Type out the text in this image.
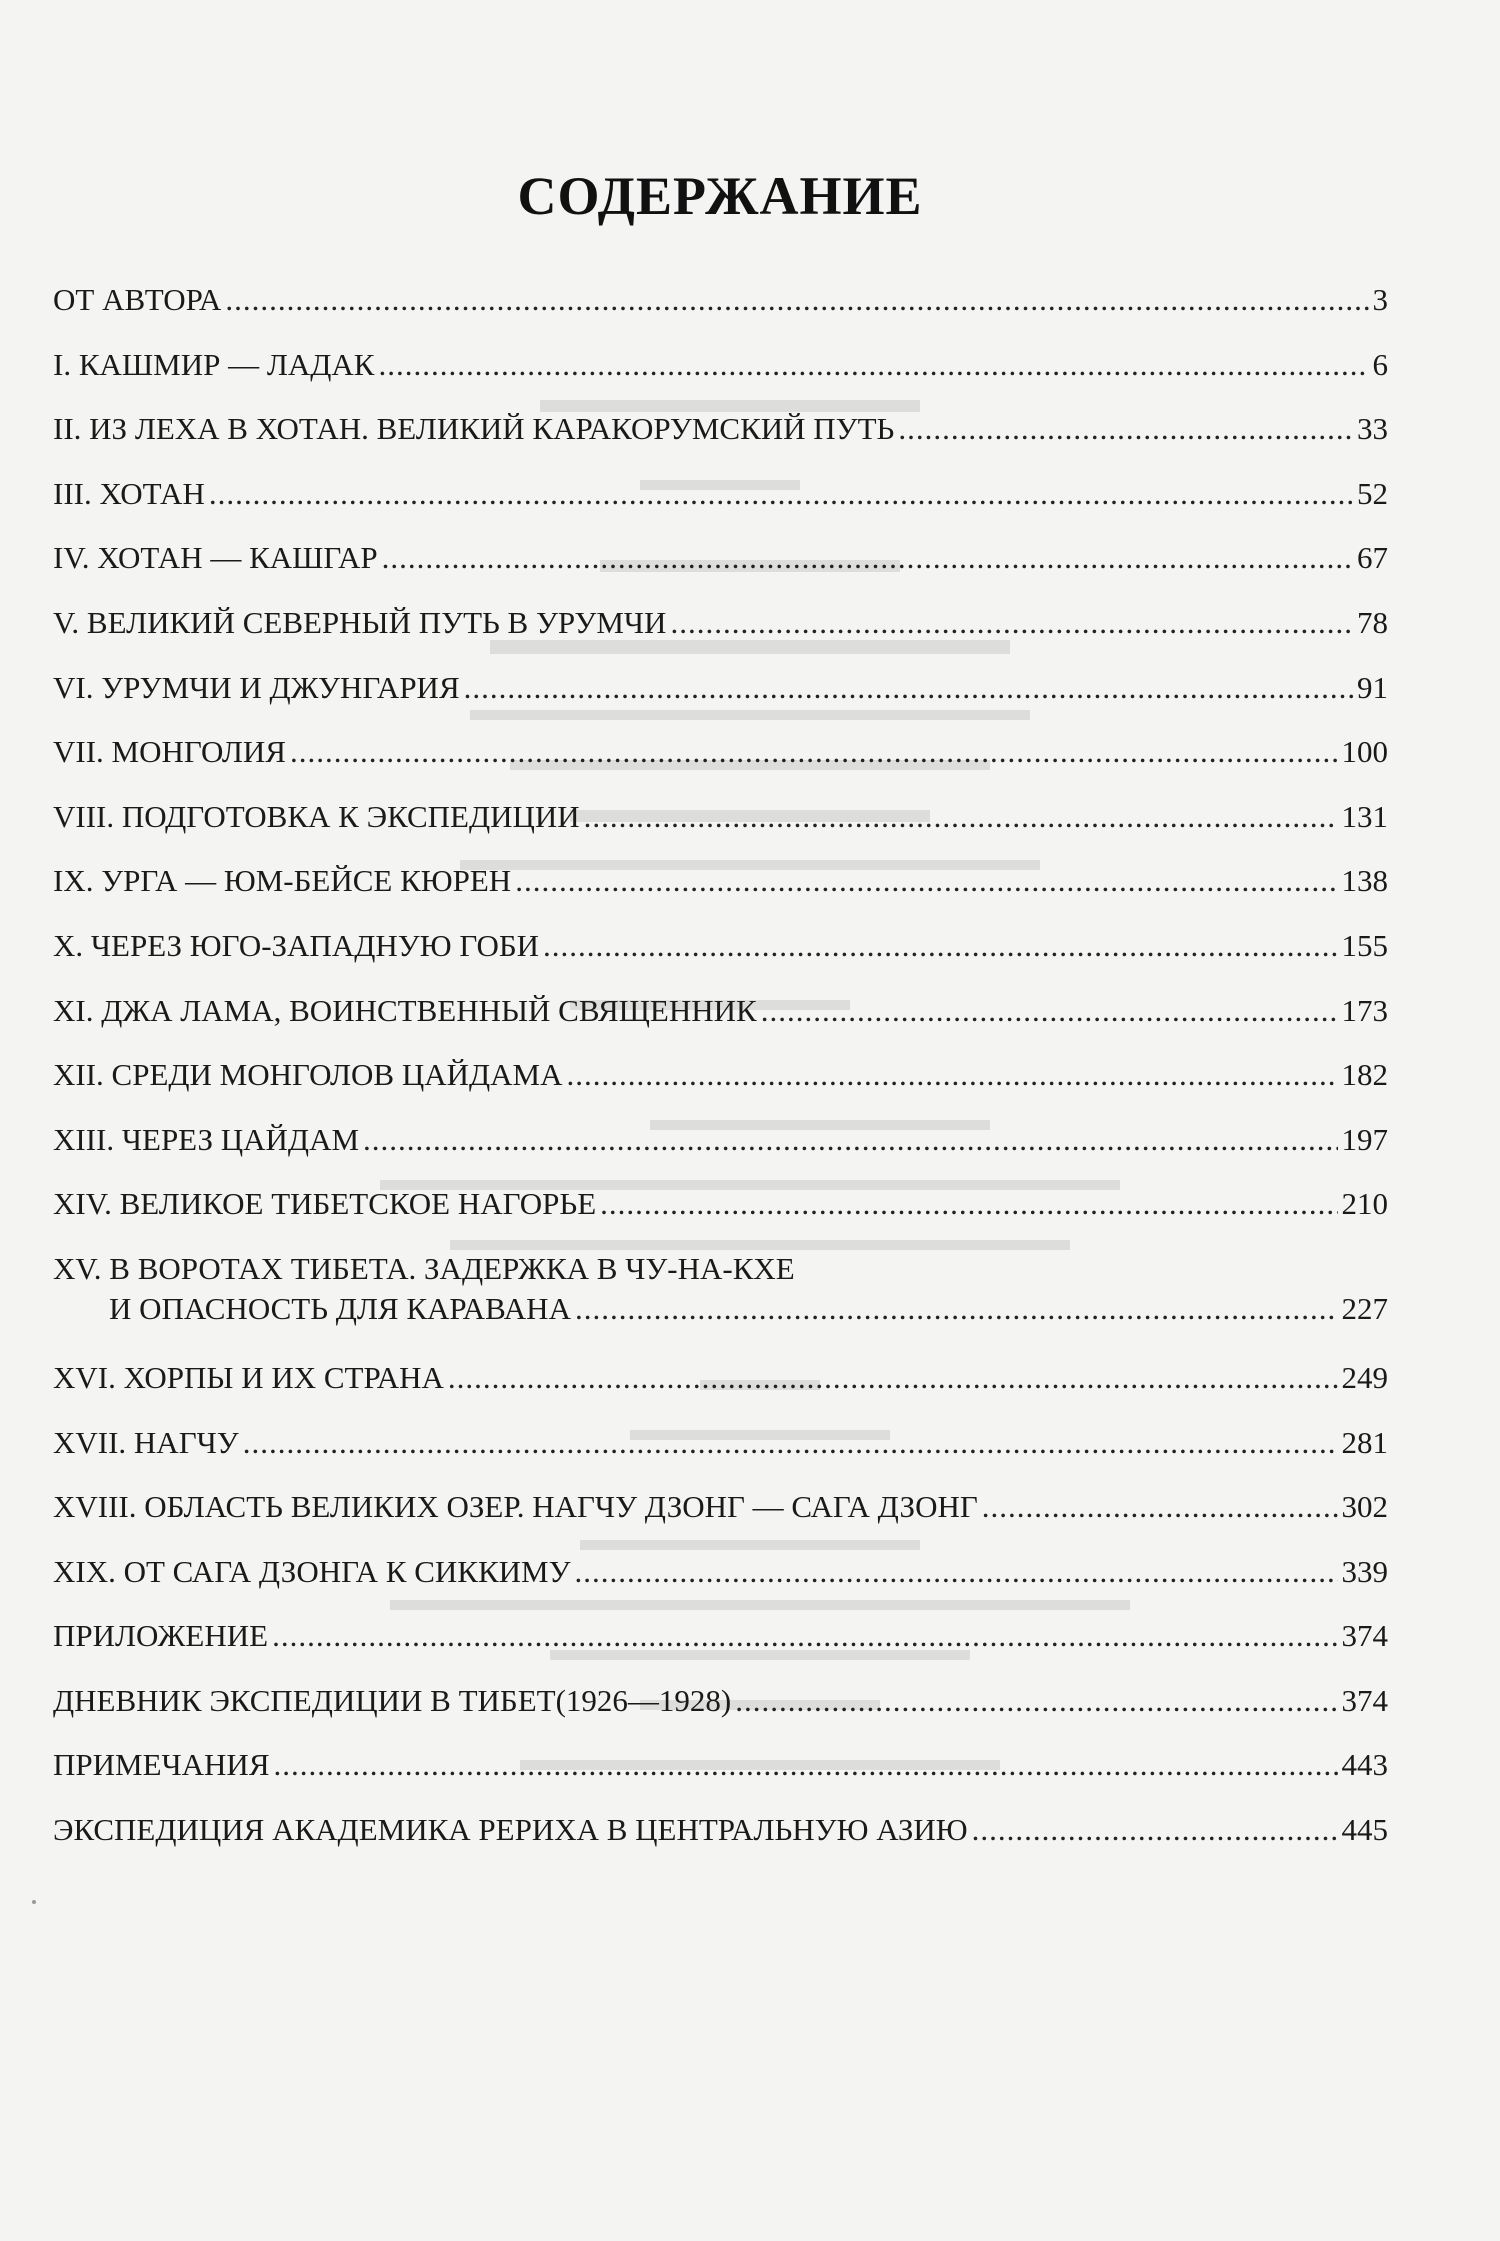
СОДЕРЖАНИЕ
ОТ АВТОРА .....	3
I. КАШМИР — ЛАДАК .....	6
II. ИЗ ЛЕХА В ХОТАН. ВЕЛИКИЙ КАРАКОРУМСКИЙ ПУТЬ .....	33
III. ХОТАН .....	52
IV. ХОТАН — КАШГАР .....	67
V. ВЕЛИКИЙ СЕВЕРНЫЙ ПУТЬ В УРУМЧИ .....	78
VI. УРУМЧИ И ДЖУНГАРИЯ .....	91
VII. МОНГОЛИЯ .....	100
VIII. ПОДГОТОВКА К ЭКСПЕДИЦИИ .....	131
IX. УРГА — ЮМ-БЕЙСЕ КЮРЕН .....	138
X. ЧЕРЕЗ ЮГО-ЗАПАДНУЮ ГОБИ .....	155
XI. ДЖА ЛАМА, ВОИНСТВЕННЫЙ СВЯЩЕННИК .....	173
XII. СРЕДИ МОНГОЛОВ ЦАЙДАМА .....	182
XIII. ЧЕРЕЗ ЦАЙДАМ .....	197
XIV. ВЕЛИКОЕ ТИБЕТСКОЕ НАГОРЬЕ .....	210
XV. В ВОРОТАХ ТИБЕТА. ЗАДЕРЖКА В ЧУ-НА-КХЕ
И ОПАСНОСТЬ ДЛЯ КАРАВАНА .....	227
XVI. ХОРПЫ И ИХ СТРАНА .....	249
XVII. НАГЧУ .....	281
XVIII. ОБЛАСТЬ ВЕЛИКИХ ОЗЕР. НАГЧУ ДЗОНГ — САГА ДЗОНГ .....	302
XIX. ОТ САГА ДЗОНГА К СИККИМУ .....	339
ПРИЛОЖЕНИЕ .....	374
ДНЕВНИК ЭКСПЕДИЦИИ В ТИБЕТ(1926—1928) .....	374
ПРИМЕЧАНИЯ .....	443
ЭКСПЕДИЦИЯ АКАДЕМИКА РЕРИХА В ЦЕНТРАЛЬНУЮ АЗИЮ .....	445
